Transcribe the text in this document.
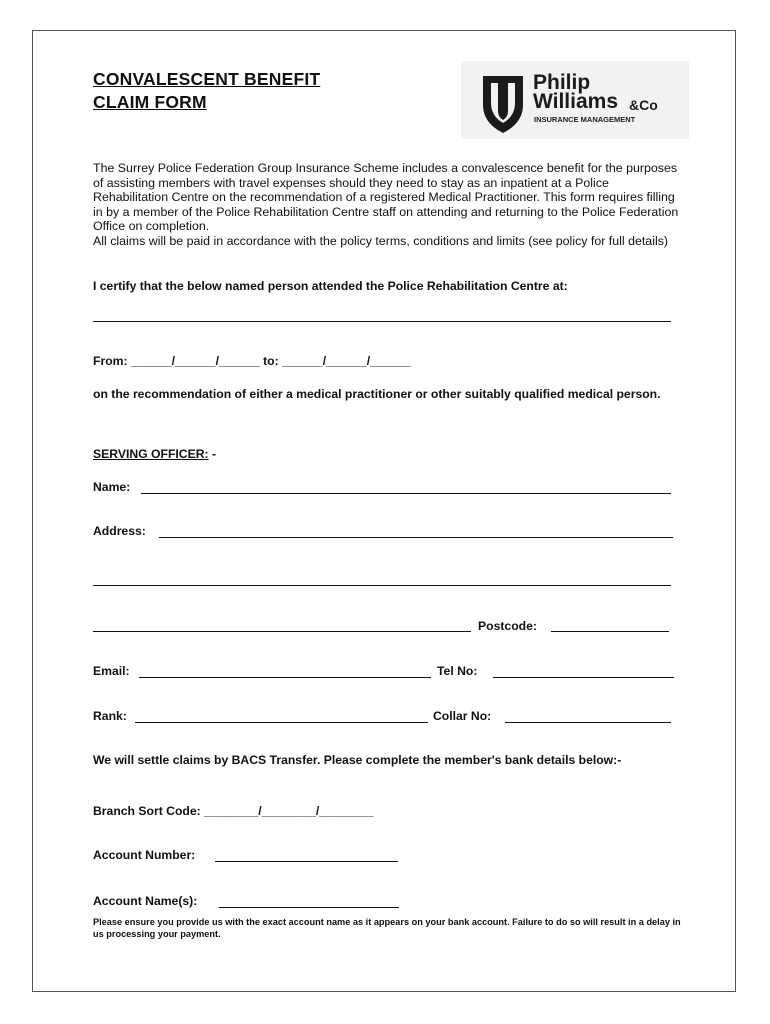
CONVALESCENT BENEFIT
CLAIM FORM
Philip
Williams &Co
INSURANCE MANAGEMENT

The Surrey Police Federation Group Insurance Scheme includes a convalescence benefit for the purposes of assisting members with travel expenses should they need to stay as an inpatient at a Police Rehabilitation Centre on the recommendation of a registered Medical Practitioner. This form requires filling in by a member of the Police Rehabilitation Centre staff on attending and returning to the Police Federation Office on completion.

All claims will be paid in accordance with the policy terms, conditions and limits (see policy for full details)

I certify that the below named person attended the Police Rehabilitation Centre at:
From: ______/______/______ to: ______/______/______
on the recommendation of either a medical practitioner or other suitably qualified medical person.
SERVING OFFICER: -
Name:
Address:
Postcode:
Email:	Tel No:
Rank:	Collar No:
We will settle claims by BACS Transfer. Please complete the member's bank details below:-
Branch Sort Code: ________/________/________
Account Number:
Account Name(s):
Please ensure you provide us with the exact account name as it appears on your bank account. Failure to do so will result in a delay in us processing your payment.
